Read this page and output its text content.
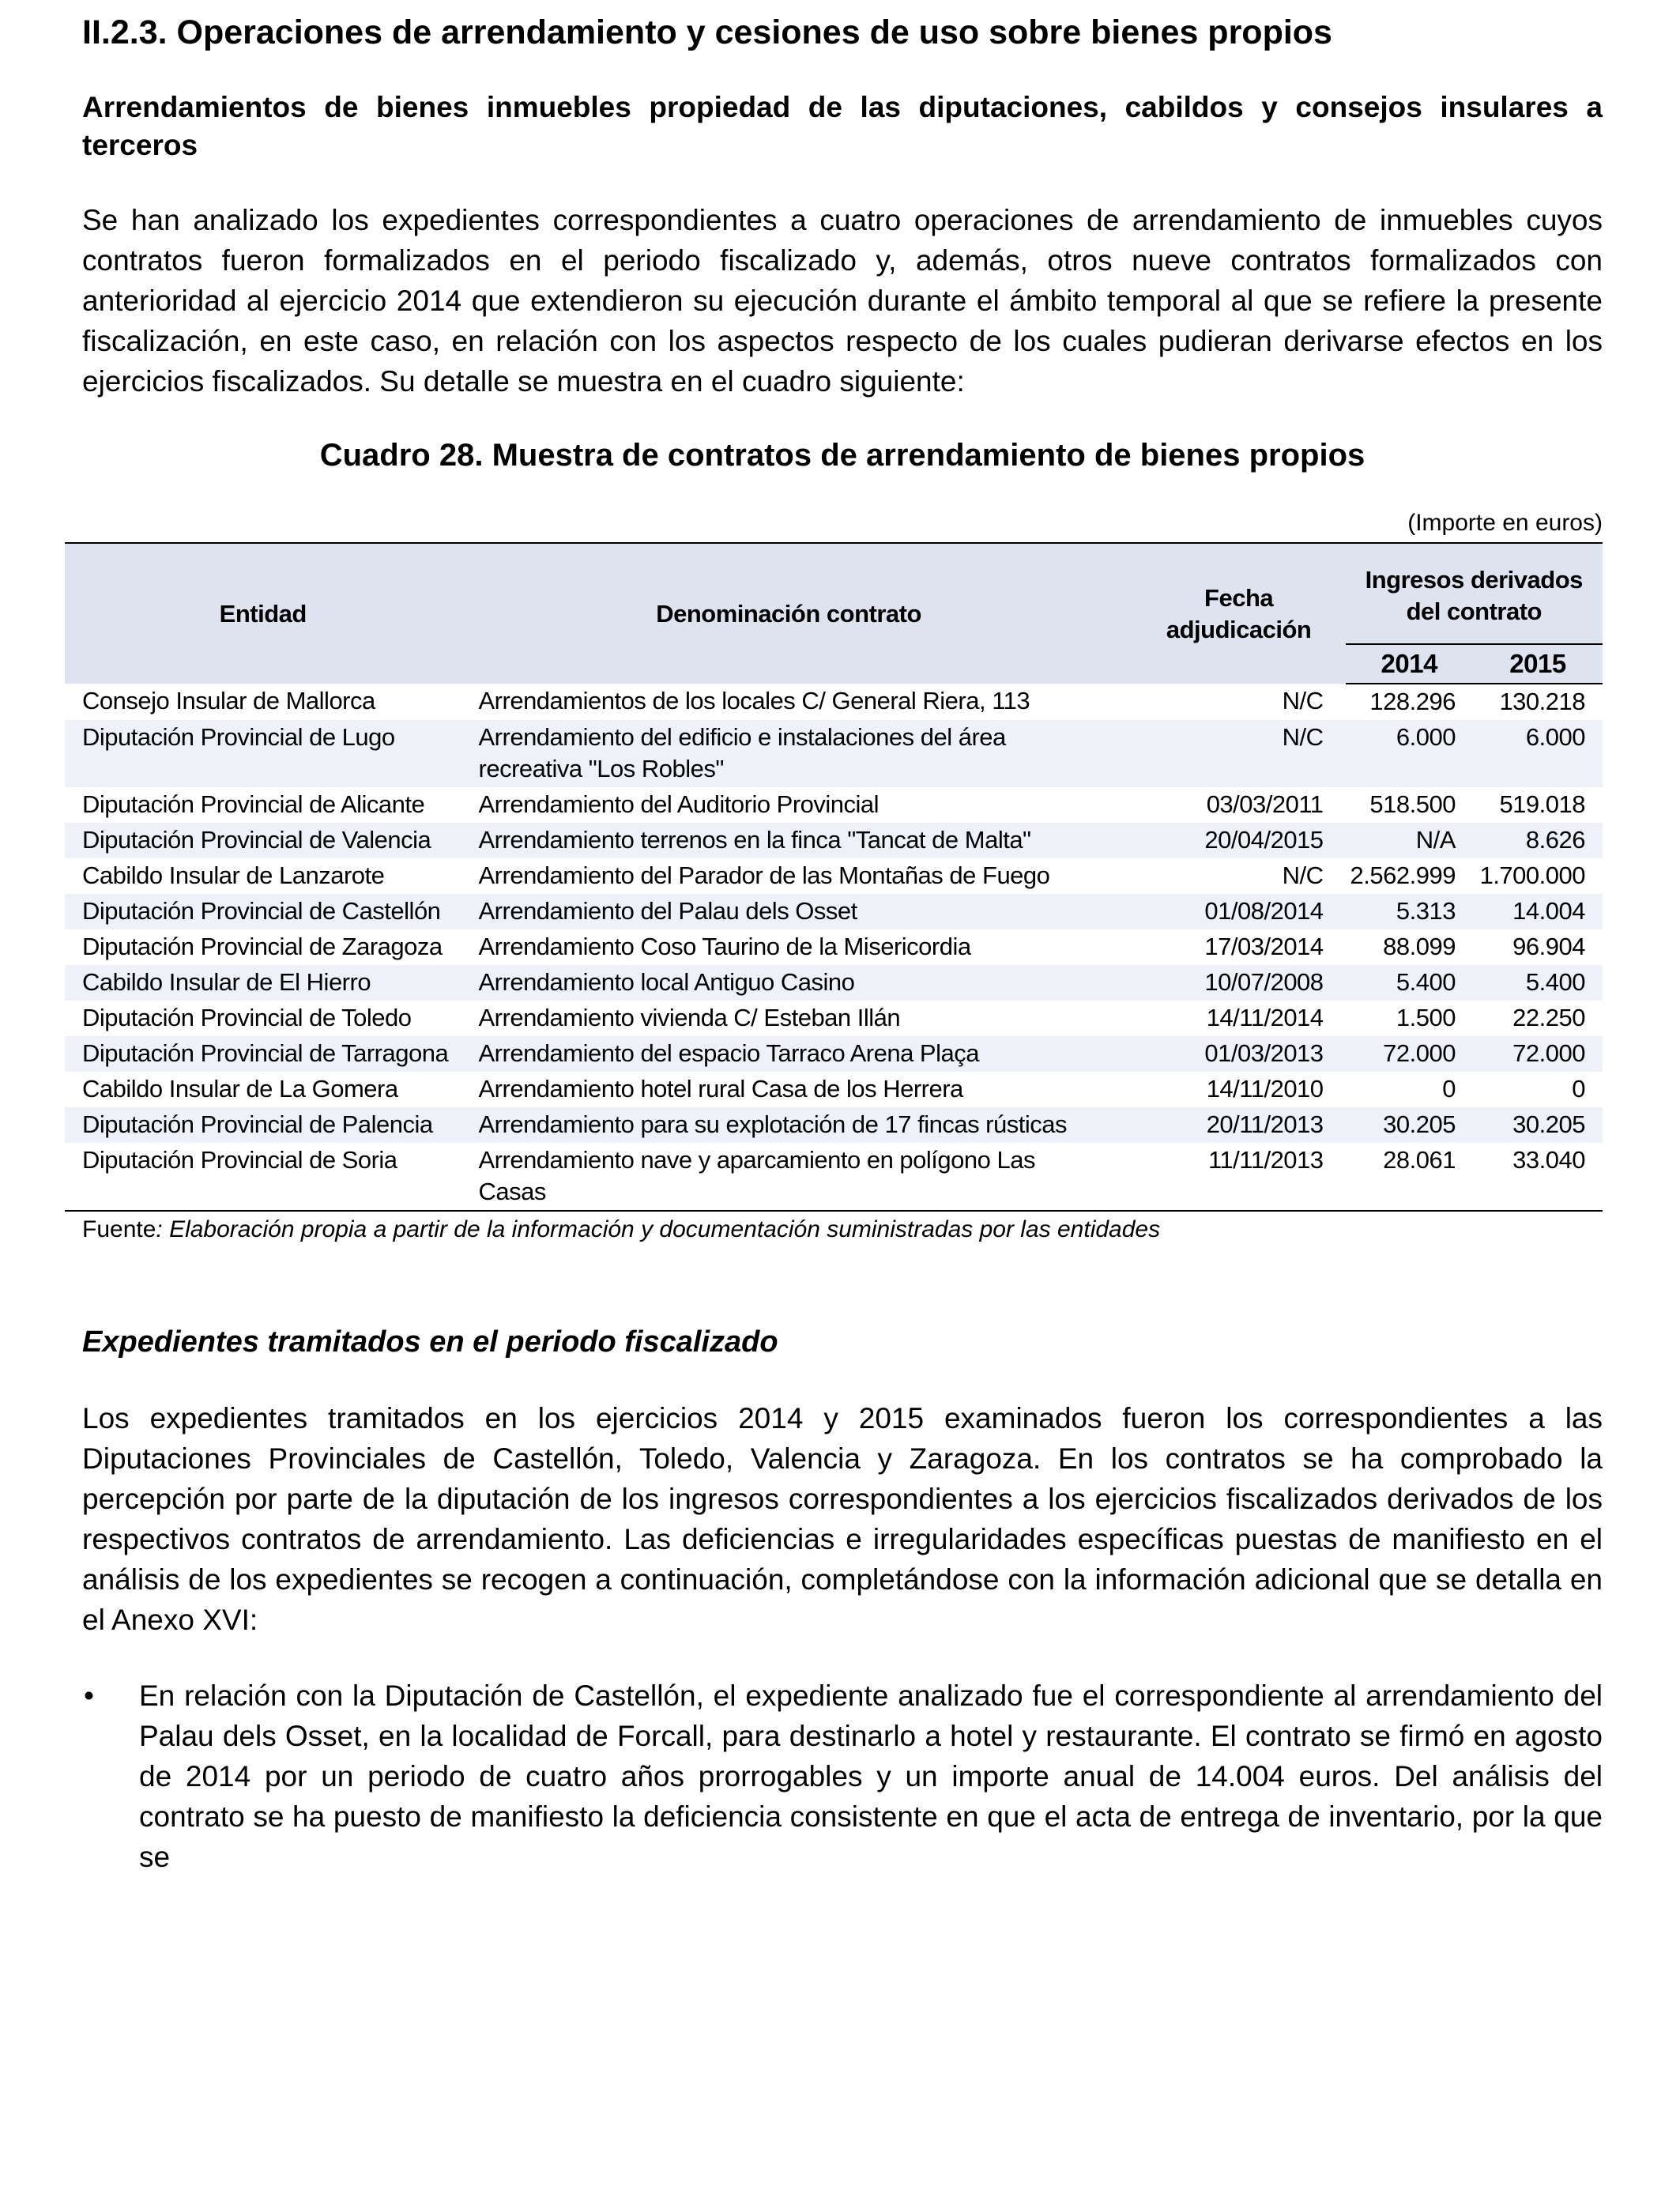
II.2.3. Operaciones de arrendamiento y cesiones de uso sobre bienes propios
Arrendamientos de bienes inmuebles propiedad de las diputaciones, cabildos y consejos insulares a terceros

Se han analizado los expedientes correspondientes a cuatro operaciones de arrendamiento de inmuebles cuyos contratos fueron formalizados en el periodo fiscalizado y, además, otros nueve contratos formalizados con anterioridad al ejercicio 2014 que extendieron su ejecución durante el ámbito temporal al que se refiere la presente fiscalización, en este caso, en relación con los aspectos respecto de los cuales pudieran derivarse efectos en los ejercicios fiscalizados. Su detalle se muestra en el cuadro siguiente:

Cuadro 28. Muestra de contratos de arrendamiento de bienes propios

(Importe en euros)

Entidad	Denominación contrato	Fecha adjudicación	Ingresos derivados del contrato	
			2014	2015
Consejo Insular de Mallorca	Arrendamientos de los locales C/ General Riera, 113	N/C	128.296	130.218
Diputación Provincial de Lugo	Arrendamiento del edificio e instalaciones del área recreativa "Los Robles"	N/C	6.000	6.000
Diputación Provincial de Alicante	Arrendamiento del Auditorio Provincial	03/03/2011	518.500	519.018
Diputación Provincial de Valencia	Arrendamiento terrenos en la finca "Tancat de Malta"	20/04/2015	N/A	8.626
Cabildo Insular de Lanzarote	Arrendamiento del Parador de las Montañas de Fuego	N/C	2.562.999	1.700.000
Diputación Provincial de Castellón	Arrendamiento del Palau dels Osset	01/08/2014	5.313	14.004
Diputación Provincial de Zaragoza	Arrendamiento Coso Taurino de la Misericordia	17/03/2014	88.099	96.904
Cabildo Insular de El Hierro	Arrendamiento local Antiguo Casino	10/07/2008	5.400	5.400
Diputación Provincial de Toledo	Arrendamiento vivienda C/ Esteban Illán	14/11/2014	1.500	22.250
Diputación Provincial de Tarragona	Arrendamiento del espacio Tarraco Arena Plaça	01/03/2013	72.000	72.000
Cabildo Insular de La Gomera	Arrendamiento hotel rural Casa de los Herrera	14/11/2010	0	0
Diputación Provincial de Palencia	Arrendamiento para su explotación de 17 fincas rústicas	20/11/2013	30.205	30.205
Diputación Provincial de Soria	Arrendamiento nave y aparcamiento en polígono Las Casas	11/11/2013	28.061	33.040

Fuente: Elaboración propia a partir de la información y documentación suministradas por las entidades

Expedientes tramitados en el periodo fiscalizado

Los expedientes tramitados en los ejercicios 2014 y 2015 examinados fueron los correspondientes a las Diputaciones Provinciales de Castellón, Toledo, Valencia y Zaragoza. En los contratos se ha comprobado la percepción por parte de la diputación de los ingresos correspondientes a los ejercicios fiscalizados derivados de los respectivos contratos de arrendamiento. Las deficiencias e irregularidades específicas puestas de manifiesto en el análisis de los expedientes se recogen a continuación, completándose con la información adicional que se detalla en el Anexo XVI:

• En relación con la Diputación de Castellón, el expediente analizado fue el correspondiente al arrendamiento del Palau dels Osset, en la localidad de Forcall, para destinarlo a hotel y restaurante. El contrato se firmó en agosto de 2014 por un periodo de cuatro años prorrogables y un importe anual de 14.004 euros. Del análisis del contrato se ha puesto de manifiesto la deficiencia consistente en que el acta de entrega de inventario, por la que se
